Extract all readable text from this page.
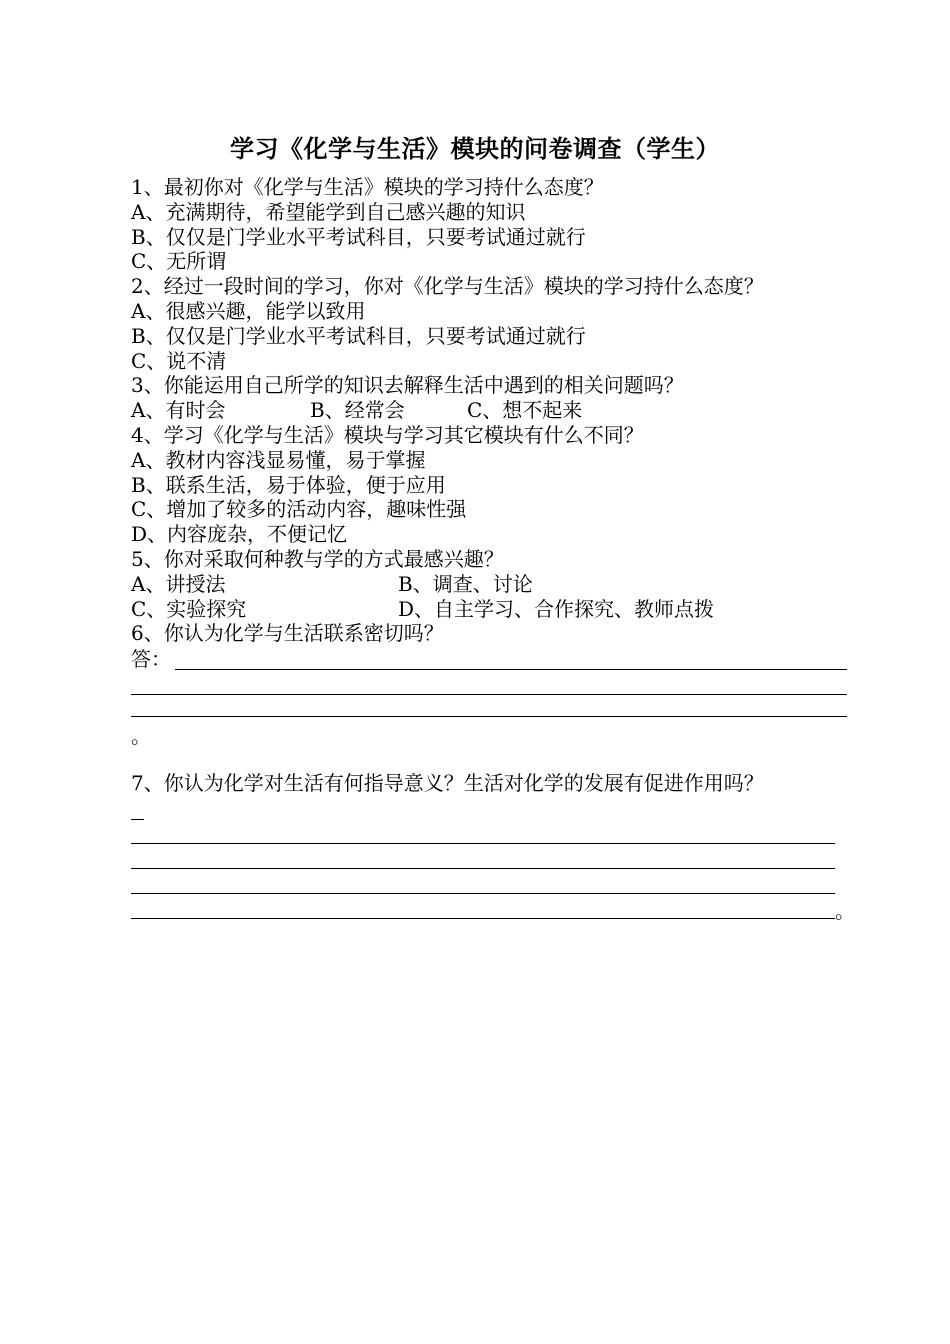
学习《化学与生活》模块的问卷调查（学生）
1、最初你对《化学与生活》模块的学习持什么态度？
A、充满期待，希望能学到自己感兴趣的知识
B、仅仅是门学业水平考试科目，只要考试通过就行
C、无所谓
2、经过一段时间的学习，你对《化学与生活》模块的学习持什么态度？
A、很感兴趣，能学以致用
B、仅仅是门学业水平考试科目，只要考试通过就行
C、说不清
3、你能运用自己所学的知识去解释生活中遇到的相关问题吗？
A、有时会	B、经常会	C、想不起来
4、学习《化学与生活》模块与学习其它模块有什么不同？
A、教材内容浅显易懂，易于掌握
B、联系生活，易于体验，便于应用
C、增加了较多的活动内容，趣味性强
D、内容庞杂，不便记忆
5、你对采取何种教与学的方式最感兴趣？
A、讲授法	B、调查、讨论
C、实验探究	D、自主学习、合作探究、教师点拨
6、你认为化学与生活联系密切吗？
答：
。
7、你认为化学对生活有何指导意义？生活对化学的发展有促进作用吗？
。
